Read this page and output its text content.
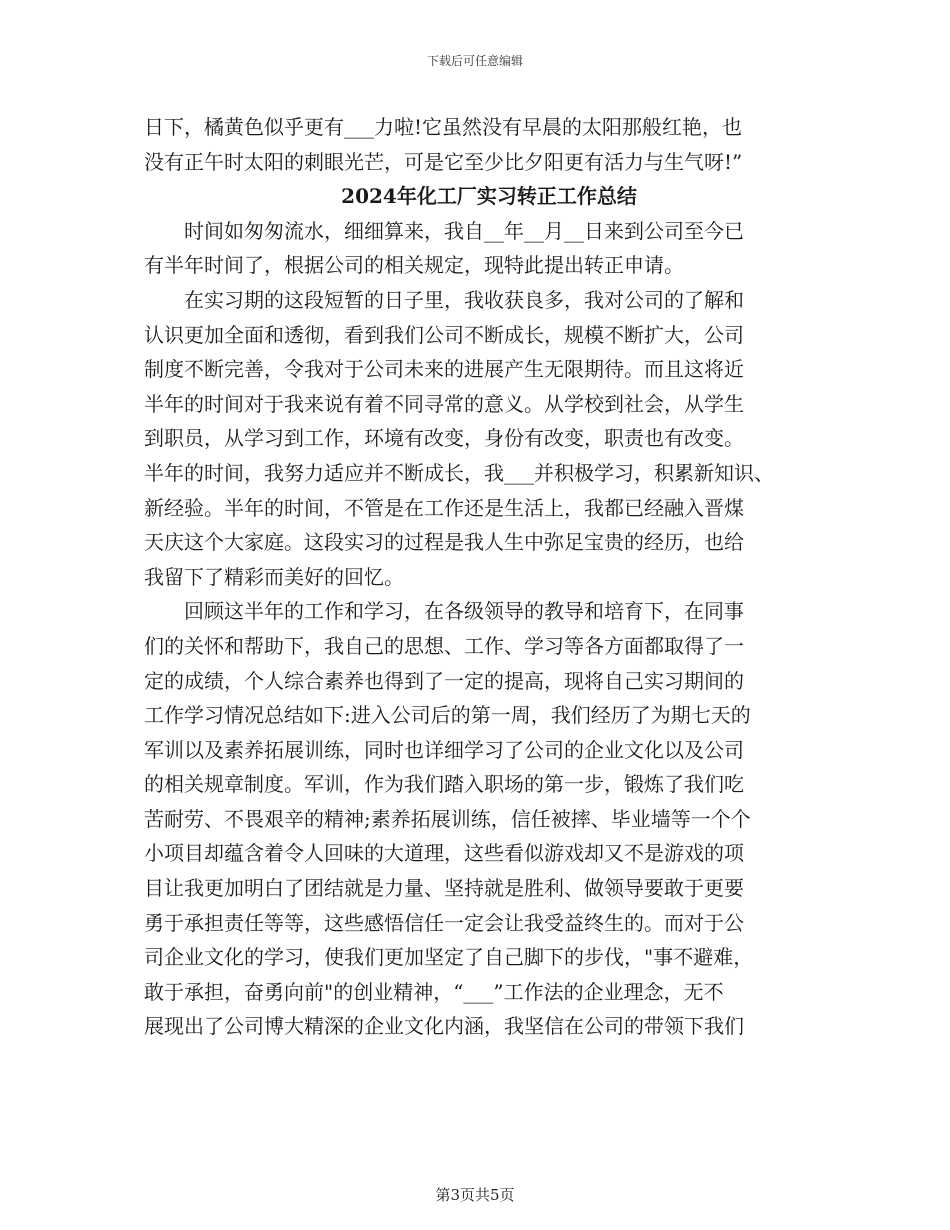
下载后可任意编辑
日下，橘黄色似乎更有___力啦!它虽然没有早晨的太阳那般红艳，也
没有正午时太阳的刺眼光芒，可是它至少比夕阳更有活力与生气呀!”
2024年化工厂实习转正工作总结
时间如匆匆流水，细细算来，我自__年__月__日来到公司至今已
有半年时间了，根据公司的相关规定，现特此提出转正申请。
在实习期的这段短暂的日子里，我收获良多，我对公司的了解和
认识更加全面和透彻，看到我们公司不断成长，规模不断扩大，公司
制度不断完善，令我对于公司未来的进展产生无限期待。而且这将近
半年的时间对于我来说有着不同寻常的意义。从学校到社会，从学生
到职员，从学习到工作，环境有改变，身份有改变，职责也有改变。
半年的时间，我努力适应并不断成长，我___并积极学习，积累新知识、
新经验。半年的时间，不管是在工作还是生活上，我都已经融入晋煤
天庆这个大家庭。这段实习的过程是我人生中弥足宝贵的经历，也给
我留下了精彩而美好的回忆。
回顾这半年的工作和学习，在各级领导的教导和培育下，在同事
们的关怀和帮助下，我自己的思想、工作、学习等各方面都取得了一
定的成绩，个人综合素养也得到了一定的提高，现将自己实习期间的
工作学习情况总结如下:进入公司后的第一周，我们经历了为期七天的
军训以及素养拓展训练，同时也详细学习了公司的企业文化以及公司
的相关规章制度。军训，作为我们踏入职场的第一步，锻炼了我们吃
苦耐劳、不畏艰辛的精神;素养拓展训练，信任被摔、毕业墙等一个个
小项目却蕴含着令人回味的大道理，这些看似游戏却又不是游戏的项
目让我更加明白了团结就是力量、坚持就是胜利、做领导要敢于更要
勇于承担责任等等，这些感悟信任一定会让我受益终生的。而对于公
司企业文化的学习，使我们更加坚定了自己脚下的步伐，"事不避难，
敢于承担，奋勇向前"的创业精神，“___”工作法的企业理念，无不
展现出了公司博大精深的企业文化内涵，我坚信在公司的带领下我们
第3页共5页
